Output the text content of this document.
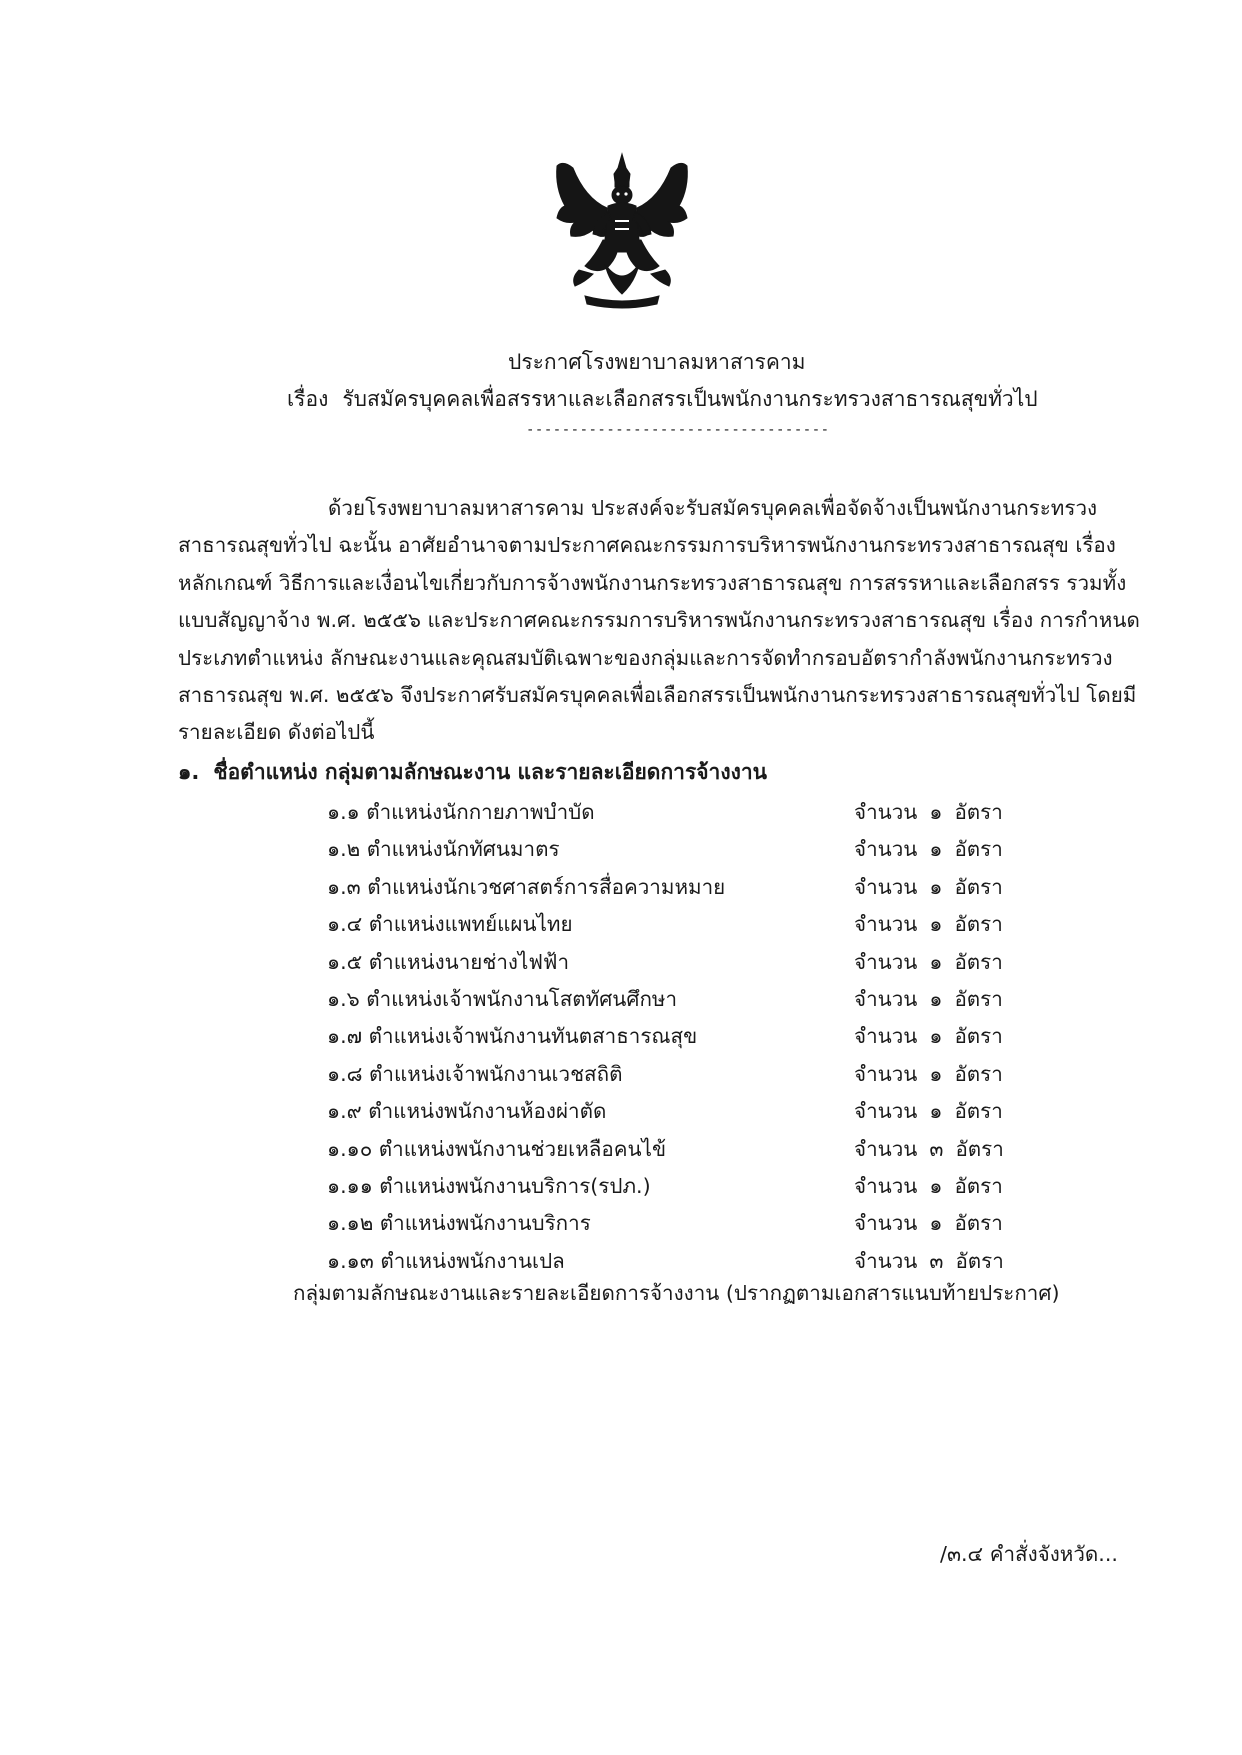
ประกาศโรงพยาบาลมหาสารคาม
เรื่อง รับสมัครบุคคลเพื่อสรรหาและเลือกสรรเป็นพนักงานกระทรวงสาธารณสุขทั่วไป
----------------------------------
ด้วยโรงพยาบาลมหาสารคาม ประสงค์จะรับสมัครบุคคลเพื่อจัดจ้างเป็นพนักงานกระทรวง
สาธารณสุขทั่วไป ฉะนั้น อาศัยอำนาจตามประกาศคณะกรรมการบริหารพนักงานกระทรวงสาธารณสุข เรื่อง
หลักเกณฑ์ วิธีการและเงื่อนไขเกี่ยวกับการจ้างพนักงานกระทรวงสาธารณสุข การสรรหาและเลือกสรร รวมทั้ง
แบบสัญญาจ้าง พ.ศ. ๒๕๕๖ และประกาศคณะกรรมการบริหารพนักงานกระทรวงสาธารณสุข เรื่อง การกำหนด
ประเภทตำแหน่ง ลักษณะงานและคุณสมบัติเฉพาะของกลุ่มและการจัดทำกรอบอัตรากำลังพนักงานกระทรวง
สาธารณสุข พ.ศ. ๒๕๕๖ จึงประกาศรับสมัครบุคคลเพื่อเลือกสรรเป็นพนักงานกระทรวงสาธารณสุขทั่วไป โดยมี
รายละเอียด ดังต่อไปนี้
๑. ชื่อตำแหน่ง กลุ่มตามลักษณะงาน และรายละเอียดการจ้างงาน
๑.๑ ตำแหน่งนักกายภาพบำบัด	จำนวน ๑ อัตรา
๑.๒ ตำแหน่งนักทัศนมาตร	จำนวน ๑ อัตรา
๑.๓ ตำแหน่งนักเวชศาสตร์การสื่อความหมาย	จำนวน ๑ อัตรา
๑.๔ ตำแหน่งแพทย์แผนไทย	จำนวน ๑ อัตรา
๑.๕ ตำแหน่งนายช่างไฟฟ้า	จำนวน ๑ อัตรา
๑.๖ ตำแหน่งเจ้าพนักงานโสตทัศนศึกษา	จำนวน ๑ อัตรา
๑.๗ ตำแหน่งเจ้าพนักงานทันตสาธารณสุข	จำนวน ๑ อัตรา
๑.๘ ตำแหน่งเจ้าพนักงานเวชสถิติ	จำนวน ๑ อัตรา
๑.๙ ตำแหน่งพนักงานห้องผ่าตัด	จำนวน ๑ อัตรา
๑.๑๐ ตำแหน่งพนักงานช่วยเหลือคนไข้	จำนวน ๓ อัตรา
๑.๑๑ ตำแหน่งพนักงานบริการ(รปภ.)	จำนวน ๑ อัตรา
๑.๑๒ ตำแหน่งพนักงานบริการ	จำนวน ๑ อัตรา
๑.๑๓ ตำแหน่งพนักงานเปล	จำนวน ๓ อัตรา
กลุ่มตามลักษณะงานและรายละเอียดการจ้างงาน (ปรากฏตามเอกสารแนบท้ายประกาศ)
/๓.๔ คำสั่งจังหวัด...
